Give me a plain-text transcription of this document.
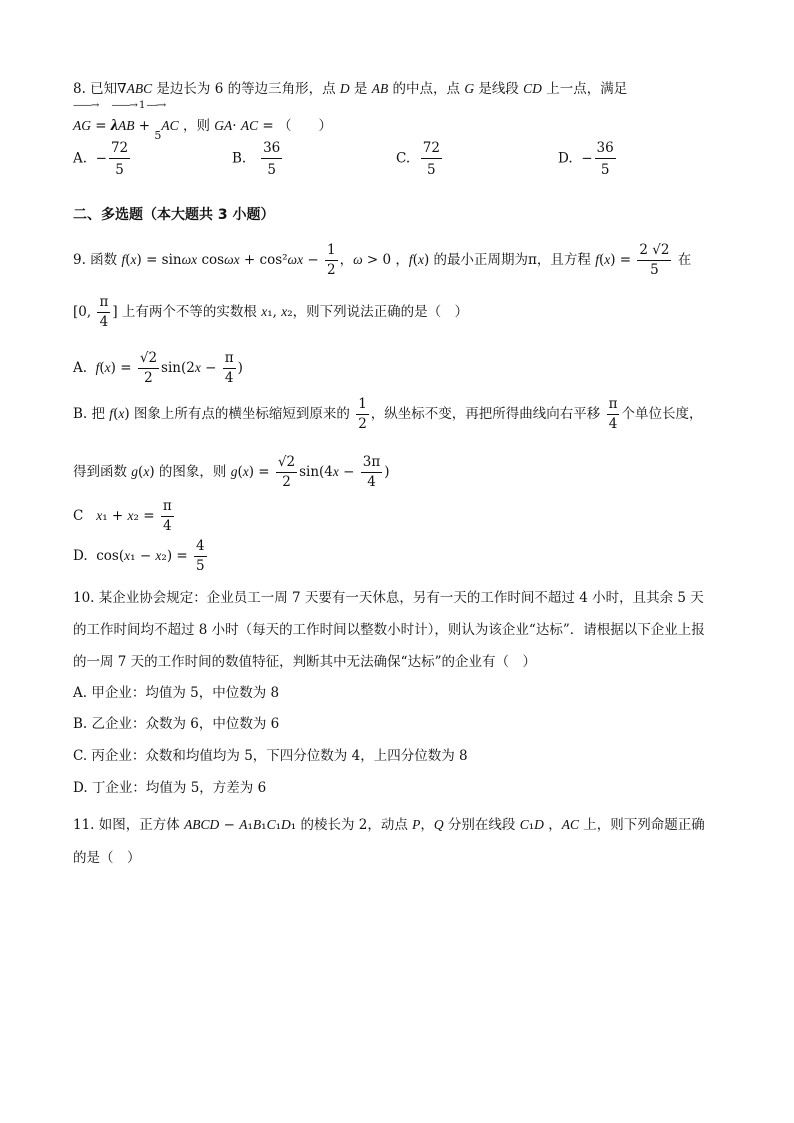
8. 已知∇ABC 是边长为 6 的等边三角形，点 D 是 AB 的中点，点 G 是线段 CD 上一点，满足
——→      ——→ 1 —-→
AG = λAB + $_5$AC ，则 GA· AC = （　　）
A. − $\frac{72}{5}$	B. $\frac{36}{5}$	C. $\frac{72}{5}$	D. − $\frac{36}{5}$
二、多选题（本大题共 3 小题）
9. 函数 f(x) = sinωx $\cos\omega x + \cos^2\omega x - \frac{1}{2}$ ，ω > 0 ，f(x) 的最小正周期为π，且方程 $f(x) = \frac{2 √2}{5}$ 在
[0, $\frac{\pi}{4}$ ] 上有两个不等的实数根 x₁, x₂，则下列说法正确的是（　）
A.  $f(x) = \frac{√2}{2} \sin(2x - \frac{\pi}{4}$ )
B. 把 f(x) 图象上所有点的横坐标缩短到原来的 $\frac{1}{2}$ ，纵坐标不变，再把所得曲线向右平移 $\frac{\pi}{4}$ 个单位长度，
得到函数 g(x) 的图象，则 $g(x) = \frac{√2}{2} \sin(4x - \frac{3\pi}{4}$ )
C   $x_1 + x_2 = \frac{\pi}{4}$
D.  $\cos(x_1 - x_2) = \frac{4}{5}$
10. 某企业协会规定：企业员工一周 7 天要有一天休息，另有一天的工作时间不超过 4 小时，且其余 5 天
的工作时间均不超过 8 小时（每天的工作时间以整数小时计），则认为该企业“达标”．请根据以下企业上报
的一周 7 天的工作时间的数值特征，判断其中无法确保“达标”的企业有（　）
A. 甲企业：均值为 5，中位数为 8
B. 乙企业：众数为 6，中位数为 6
C. 丙企业：众数和均值均为 5，下四分位数为 4，上四分位数为 8
D. 丁企业：均值为 5，方差为 6
11. 如图，正方体 ABCD − A₁B₁C₁D₁ 的棱长为 2，动点 P，Q 分别在线段 C₁D ，AC 上，则下列命题正确
的是（　）
